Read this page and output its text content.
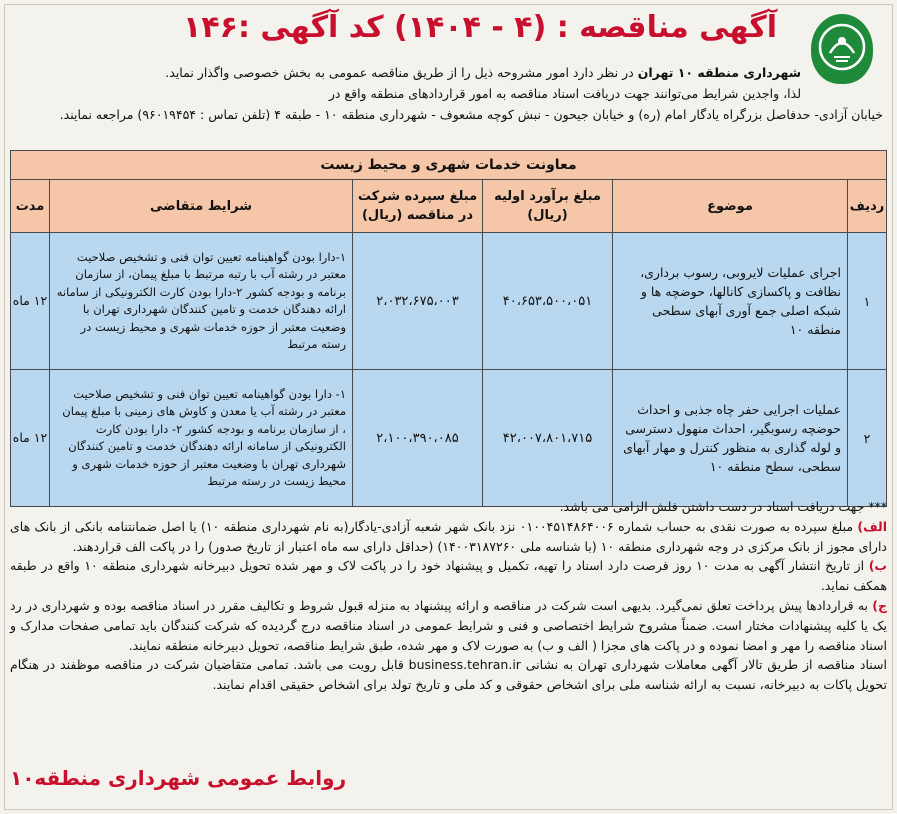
آگهی مناقصه : (۴ - ۱۴۰۴) کد آگهی :۱۴۶
شهرداری منطقه ۱۰ تهران در نظر دارد امور مشروحه ذیل را از طریق مناقصه عمومی به بخش خصوصی واگذار نماید.
لذا، واجدین شرایط می‌توانند جهت دریافت اسناد مناقصه به امور قراردادهای منطقه واقع در
خیابان آزادی- حدفاصل بزرگراه یادگار امام (ره) و خیابان جیحون - نبش کوچه مشعوف - شهرداری منطقه ۱۰ - طبقه ۴ (تلفن تماس : ۹۶۰۱۹۴۵۴) مراجعه نمایند.
معاونت خدمات شهری و محیط زیست					
ردیف	موضوع	مبلغ برآورد اولیه (ریال)	مبلغ سپرده شرکت در مناقصه (ریال)	شرایط متقاضی	مدت
۱	اجرای عملیات لایروبی، رسوب برداری، نظافت و پاکسازی کانالها، حوضچه ها و شبکه اصلی جمع آوری آبهای سطحی منطقه ۱۰	۴۰،۶۵۳،۵۰۰،۰۵۱	۲،۰۳۲،۶۷۵،۰۰۳	۱-دارا بودن گواهینامه تعیین توان فنی و تشخیص صلاحیت معتبر در رشته آب با رتبه مرتبط با مبلغ پیمان، از سازمان برنامه و بودجه کشور ۲-دارا بودن کارت الکترونیکی از سامانه ارائه دهندگان خدمت و تامین کنندگان شهرداری تهران با وضعیت معتبر از حوزه خدمات شهری و محیط زیست در رسته مرتبط	۱۲ ماه
۲	عملیات اجرایی حفر چاه جذبی و احداث حوضچه رسوبگیر، احداث منهول دسترسی و لوله گذاری به منظور کنترل و مهار آبهای سطحی، سطح منطقه ۱۰	۴۲،۰۰۷،۸۰۱،۷۱۵	۲،۱۰۰،۳۹۰،۰۸۵	۱- دارا بودن گواهینامه تعیین توان فنی و تشخیص صلاحیت معتبر در رشته آب یا معدن و کاوش های زمینی با مبلغ پیمان ، از سازمان برنامه و بودجه کشور ۲- دارا بودن کارت الکترونیکی از سامانه ارائه دهندگان خدمت و تامین کنندگان شهرداری تهران با وضعیت معتبر از حوزه خدمات شهری و محیط زیست در رسته مرتبط	۱۲ ماه

*** جهت دریافت اسناد در دست داشتن فلش الزامی می باشد.

الف) مبلغ سپرده به صورت نقدی به حساب شماره ۰۱۰۰۴۵۱۴۸۶۴۰۰۶ نزد بانک شهر شعبه آزادی-یادگار(به نام شهرداری منطقه ۱۰) یا اصل ضمانتنامه بانکی از بانک های دارای مجوز از بانک مرکزی در وجه شهرداری منطقه ۱۰ (با شناسه ملی ۱۴۰۰۳۱۸۷۲۶۰) (حداقل دارای سه ماه اعتبار از تاریخ صدور) را در پاکت الف قراردهند.

ب) از تاریخ انتشار آگهی به مدت ۱۰ روز فرصت دارد اسناد را تهیه، تکمیل و پیشنهاد خود را در پاکت لاک و مهر شده تحویل دبیرخانه شهرداری منطقه ۱۰ واقع در طبقه همکف نماید.

ج) به قراردادها پیش پرداخت تعلق نمی‌گیرد. بدیهی است شرکت در مناقصه و ارائه پیشنهاد به منزله قبول شروط و تکالیف مقرر در اسناد مناقصه بوده و شهرداری در رد یک یا کلیه پیشنهادات مختار است. ضمناً مشروح شرایط اختصاصی و فنی و شرایط عمومی در اسناد مناقصه درج گردیده که شرکت کنندگان باید تمامی صفحات مدارک و اسناد مناقصه را مهر و امضا نموده و در پاکت های مجزا ( الف و ب) به صورت لاک و مهر شده، طبق شرایط مناقصه، تحویل دبیرخانه منطقه نمایند.

اسناد مناقصه از طریق تالار آگهی معاملات شهرداری تهران به نشانی business.tehran.ir قابل رویت می باشد. تمامی متقاضیان شرکت در مناقصه موظفند در هنگام تحویل پاکات به دبیرخانه، نسبت به ارائه شناسه ملی برای اشخاص حقوقی و کد ملی و تاریخ تولد برای اشخاص حقیقی اقدام نمایند.

روابط عمومی شهرداری منطقه۱۰
